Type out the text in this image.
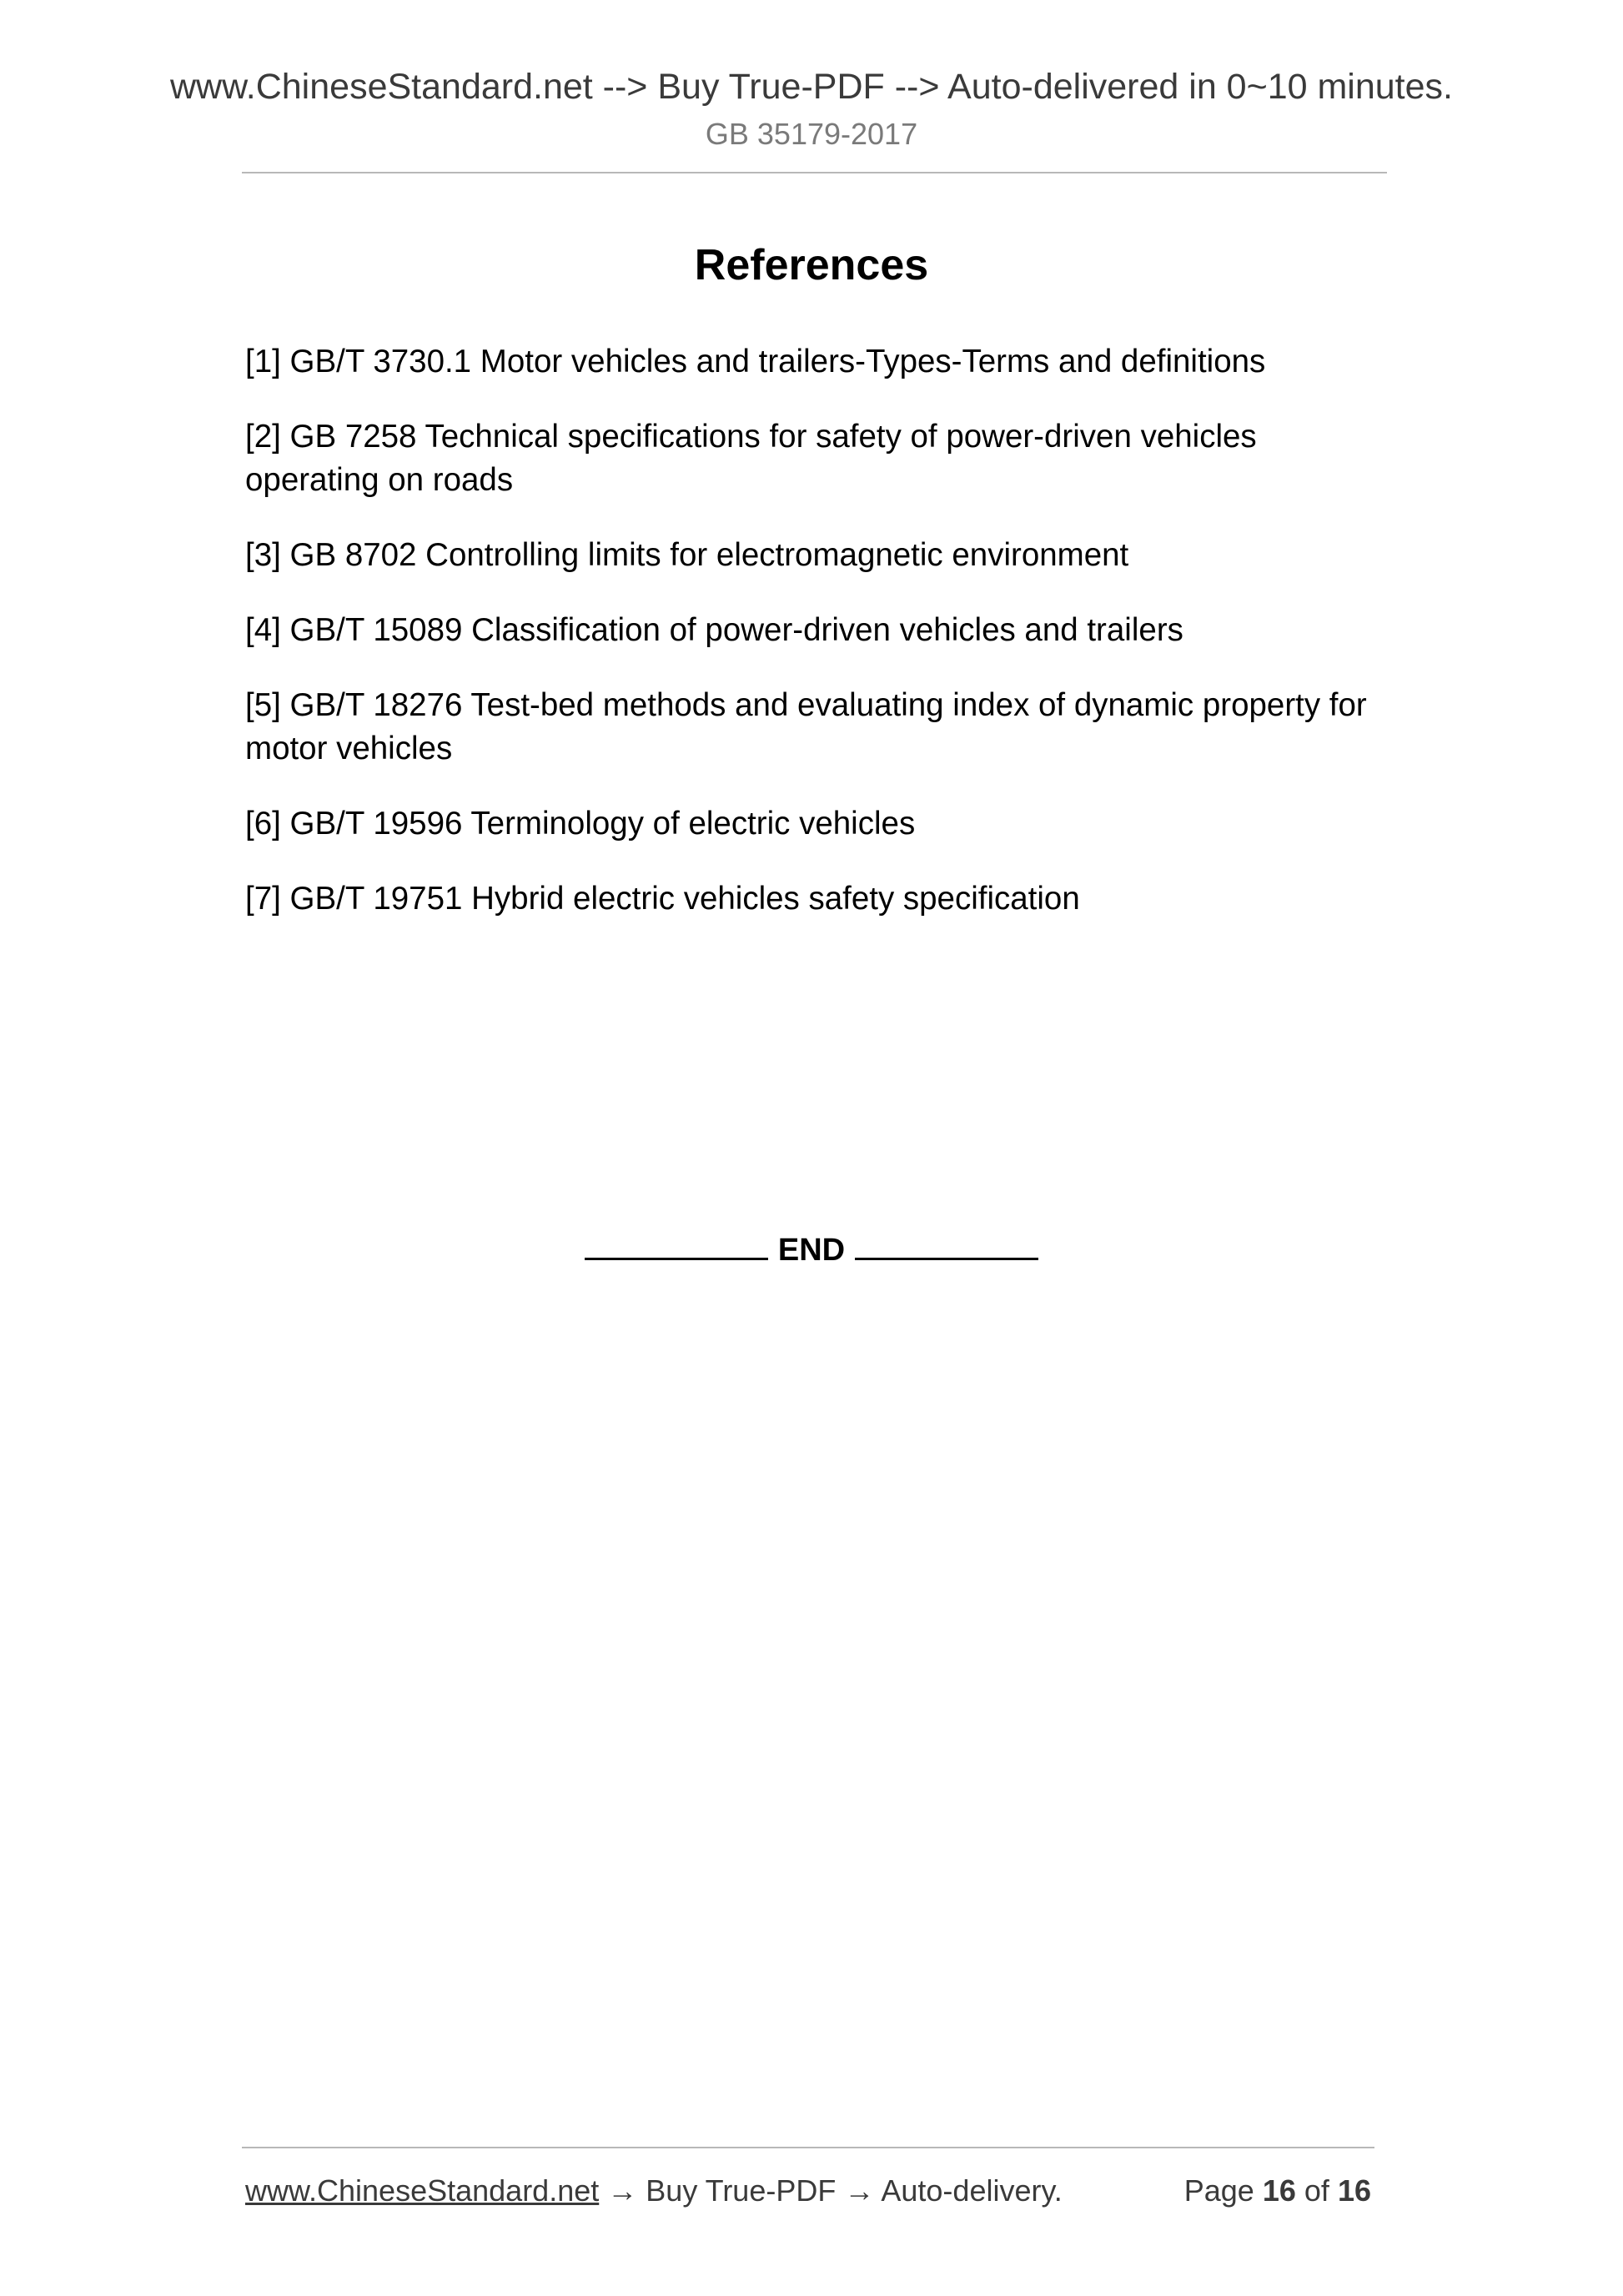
www.ChineseStandard.net --> Buy True-PDF --> Auto-delivered in 0~10 minutes.
GB 35179-2017
References
[1] GB/T 3730.1 Motor vehicles and trailers-Types-Terms and definitions
[2] GB 7258 Technical specifications for safety of power-driven vehicles operating on roads
[3] GB 8702 Controlling limits for electromagnetic environment
[4] GB/T 15089 Classification of power-driven vehicles and trailers
[5] GB/T 18276 Test-bed methods and evaluating index of dynamic property for motor vehicles
[6] GB/T 19596 Terminology of electric vehicles
[7] GB/T 19751 Hybrid electric vehicles safety specification
END
www.ChineseStandard.net → Buy True-PDF → Auto-delivery.	Page 16 of 16
